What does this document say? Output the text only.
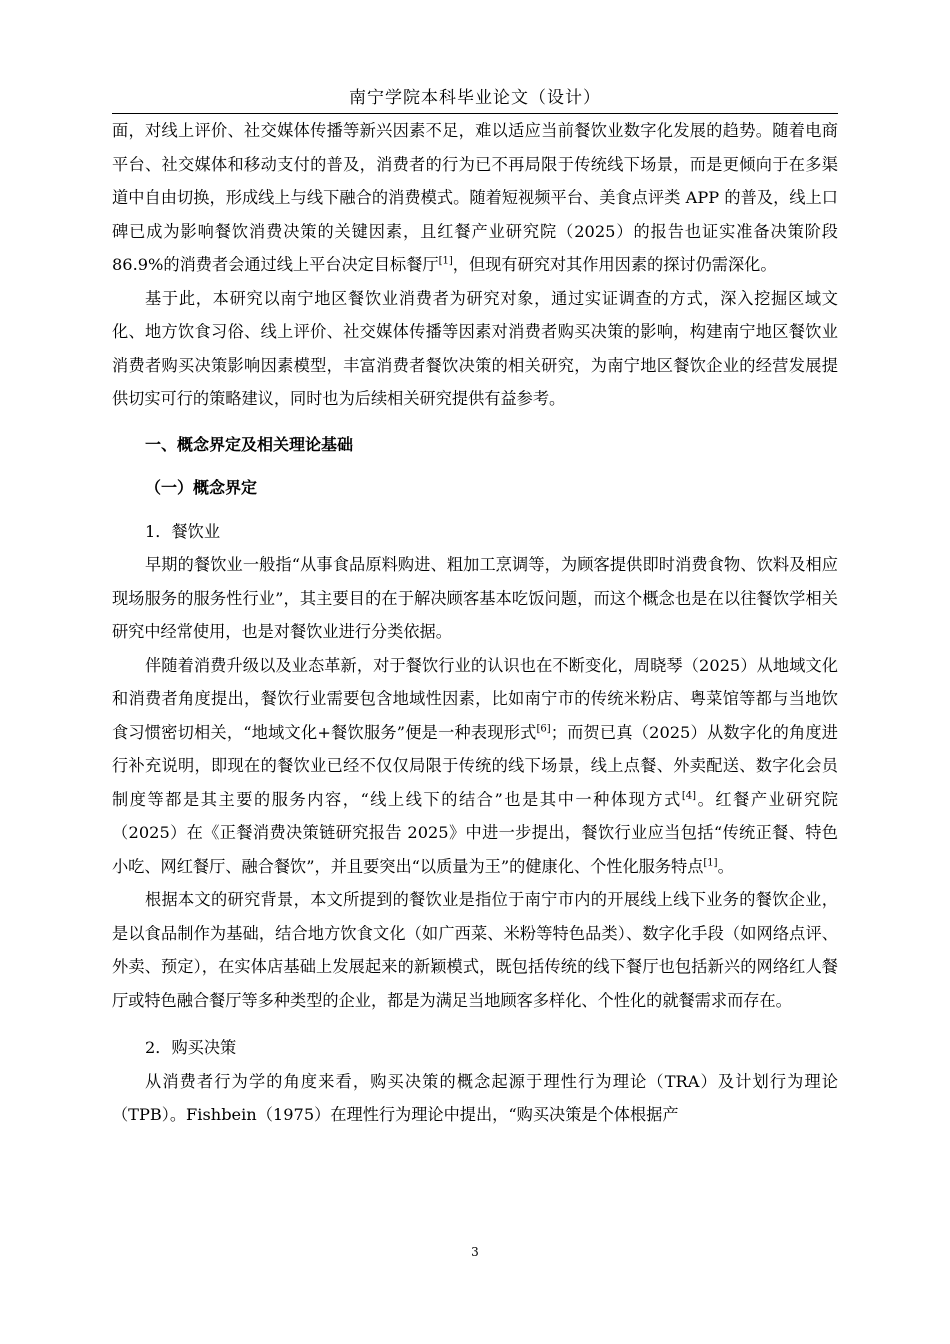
南宁学院本科毕业论文（设计）

面，对线上评价、社交媒体传播等新兴因素不足，难以适应当前餐饮业数字化发展的趋势。随着电商平台、社交媒体和移动支付的普及，消费者的行为已不再局限于传统线下场景，而是更倾向于在多渠道中自由切换，形成线上与线下融合的消费模式。随着短视频平台、美食点评类 APP 的普及，线上口碑已成为影响餐饮消费决策的关键因素，且红餐产业研究院（2025）的报告也证实准备决策阶段 86.9%的消费者会通过线上平台决定目标餐厅[1]，但现有研究对其作用因素的探讨仍需深化。

基于此，本研究以南宁地区餐饮业消费者为研究对象，通过实证调查的方式，深入挖掘区域文化、地方饮食习俗、线上评价、社交媒体传播等因素对消费者购买决策的影响，构建南宁地区餐饮业消费者购买决策影响因素模型，丰富消费者餐饮决策的相关研究，为南宁地区餐饮企业的经营发展提供切实可行的策略建议，同时也为后续相关研究提供有益参考。

一、概念界定及相关理论基础

（一）概念界定

1．餐饮业

早期的餐饮业一般指“从事食品原料购进、粗加工烹调等，为顾客提供即时消费食物、饮料及相应现场服务的服务性行业”，其主要目的在于解决顾客基本吃饭问题，而这个概念也是在以往餐饮学相关研究中经常使用，也是对餐饮业进行分类依据。

伴随着消费升级以及业态革新，对于餐饮行业的认识也在不断变化，周晓琴（2025）从地域文化和消费者角度提出，餐饮行业需要包含地域性因素，比如南宁市的传统米粉店、粤菜馆等都与当地饮食习惯密切相关，“地域文化+餐饮服务”便是一种表现形式[6]；而贺已真（2025）从数字化的角度进行补充说明，即现在的餐饮业已经不仅仅局限于传统的线下场景，线上点餐、外卖配送、数字化会员制度等都是其主要的服务内容，“线上线下的结合”也是其中一种体现方式[4]。红餐产业研究院（2025）在《正餐消费决策链研究报告 2025》中进一步提出，餐饮行业应当包括“传统正餐、特色小吃、网红餐厅、融合餐饮”，并且要突出“以质量为王”的健康化、个性化服务特点[1]。

根据本文的研究背景，本文所提到的餐饮业是指位于南宁市内的开展线上线下业务的餐饮企业，是以食品制作为基础，结合地方饮食文化（如广西菜、米粉等特色品类）、数字化手段（如网络点评、外卖、预定），在实体店基础上发展起来的新颖模式，既包括传统的线下餐厅也包括新兴的网络红人餐厅或特色融合餐厅等多种类型的企业，都是为满足当地顾客多样化、个性化的就餐需求而存在。

2．购买决策

从消费者行为学的角度来看，购买决策的概念起源于理性行为理论（TRA）及计划行为理论（TPB）。Fishbein（1975）在理性行为理论中提出，“购买决策是个体根据产

3
